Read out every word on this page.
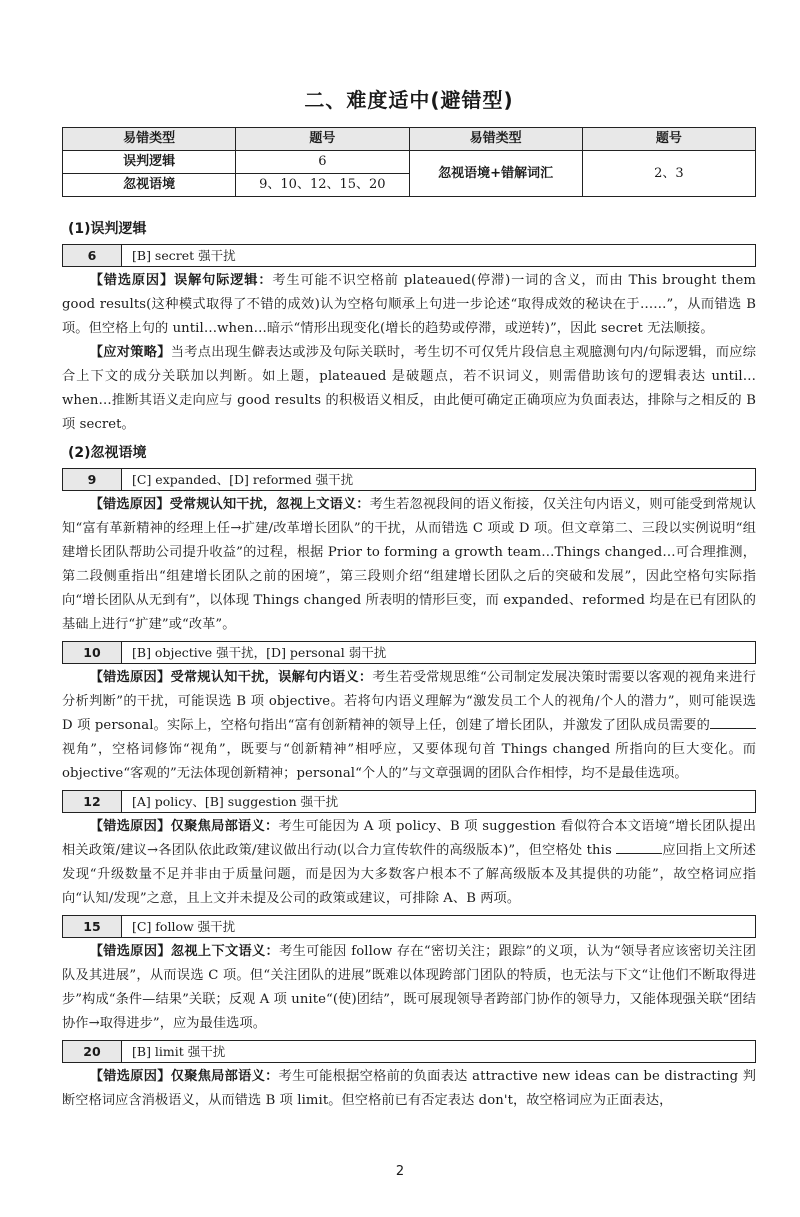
二、难度适中(避错型)
易错类型	题号	易错类型	题号
误判逻辑	6	忽视语境+错解词汇	2、3
忽视语境	9、10、12、15、20		
(1)误判逻辑
6	[B] secret 强干扰

【错选原因】误解句际逻辑：考生可能不识空格前 plateaued(停滞)一词的含义，而由 This brought them good results(这种模式取得了不错的成效)认为空格句顺承上句进一步论述“取得成效的秘诀在于……”，从而错选 B 项。但空格上句的 until…when…暗示“情形出现变化(增长的趋势或停滞，或逆转)”，因此 secret 无法顺接。

【应对策略】当考点出现生僻表达或涉及句际关联时，考生切不可仅凭片段信息主观臆测句内/句际逻辑，而应综合上下文的成分关联加以判断。如上题，plateaued 是破题点，若不识词义，则需借助该句的逻辑表达 until…when…推断其语义走向应与 good results 的积极语义相反，由此便可确定正确项应为负面表达，排除与之相反的 B 项 secret。

(2)忽视语境
9	[C] expanded、[D] reformed 强干扰

【错选原因】受常规认知干扰，忽视上文语义：考生若忽视段间的语义衔接，仅关注句内语义，则可能受到常规认知“富有革新精神的经理上任→扩建/改革增长团队”的干扰，从而错选 C 项或 D 项。但文章第二、三段以实例说明“组建增长团队帮助公司提升收益”的过程，根据 Prior to forming a growth team…Things changed…可合理推测，第二段侧重指出“组建增长团队之前的困境”，第三段则介绍“组建增长团队之后的突破和发展”，因此空格句实际指向“增长团队从无到有”，以体现 Things changed 所表明的情形巨变，而 expanded、reformed 均是在已有团队的基础上进行“扩建”或“改革”。

10	[B] objective 强干扰，[D] personal 弱干扰

【错选原因】受常规认知干扰，误解句内语义：考生若受常规思维“公司制定发展决策时需要以客观的视角来进行分析判断”的干扰，可能误选 B 项 objective。若将句内语义理解为“激发员工个人的视角/个人的潜力”，则可能误选 D 项 personal。实际上，空格句指出“富有创新精神的领导上任，创建了增长团队，并激发了团队成员需要的视角”，空格词修饰“视角”，既要与“创新精神”相呼应，又要体现句首 Things changed 所指向的巨大变化。而 objective“客观的”无法体现创新精神；personal“个人的”与文章强调的团队合作相悖，均不是最佳选项。

12	[A] policy、[B] suggestion 强干扰

【错选原因】仅聚焦局部语义：考生可能因为 A 项 policy、B 项 suggestion 看似符合本文语境“增长团队提出相关政策/建议→各团队依此政策/建议做出行动(以合力宣传软件的高级版本)”，但空格处 this	应回指上文所述发现“升级数量不足并非由于质量问题，而是因为大多数客户根本不了解高级版本及其提供的功能”，故空格词应指向“认知/发现”之意，且上文并未提及公司的政策或建议，可排除 A、B 两项。

15	[C] follow 强干扰

【错选原因】忽视上下文语义：考生可能因 follow 存在“密切关注；跟踪”的义项，认为“领导者应该密切关注团队及其进展”，从而误选 C 项。但“关注团队的进展”既难以体现跨部门团队的特质，也无法与下文“让他们不断取得进步”构成“条件—结果”关联；反观 A 项 unite“(使)团结”，既可展现领导者跨部门协作的领导力，又能体现强关联“团结协作→取得进步”，应为最佳选项。

20	[B] limit 强干扰

【错选原因】仅聚焦局部语义：考生可能根据空格前的负面表达 attractive new ideas can be distracting 判断空格词应含消极语义，从而错选 B 项 limit。但空格前已有否定表达 don't，故空格词应为正面表达，

2
